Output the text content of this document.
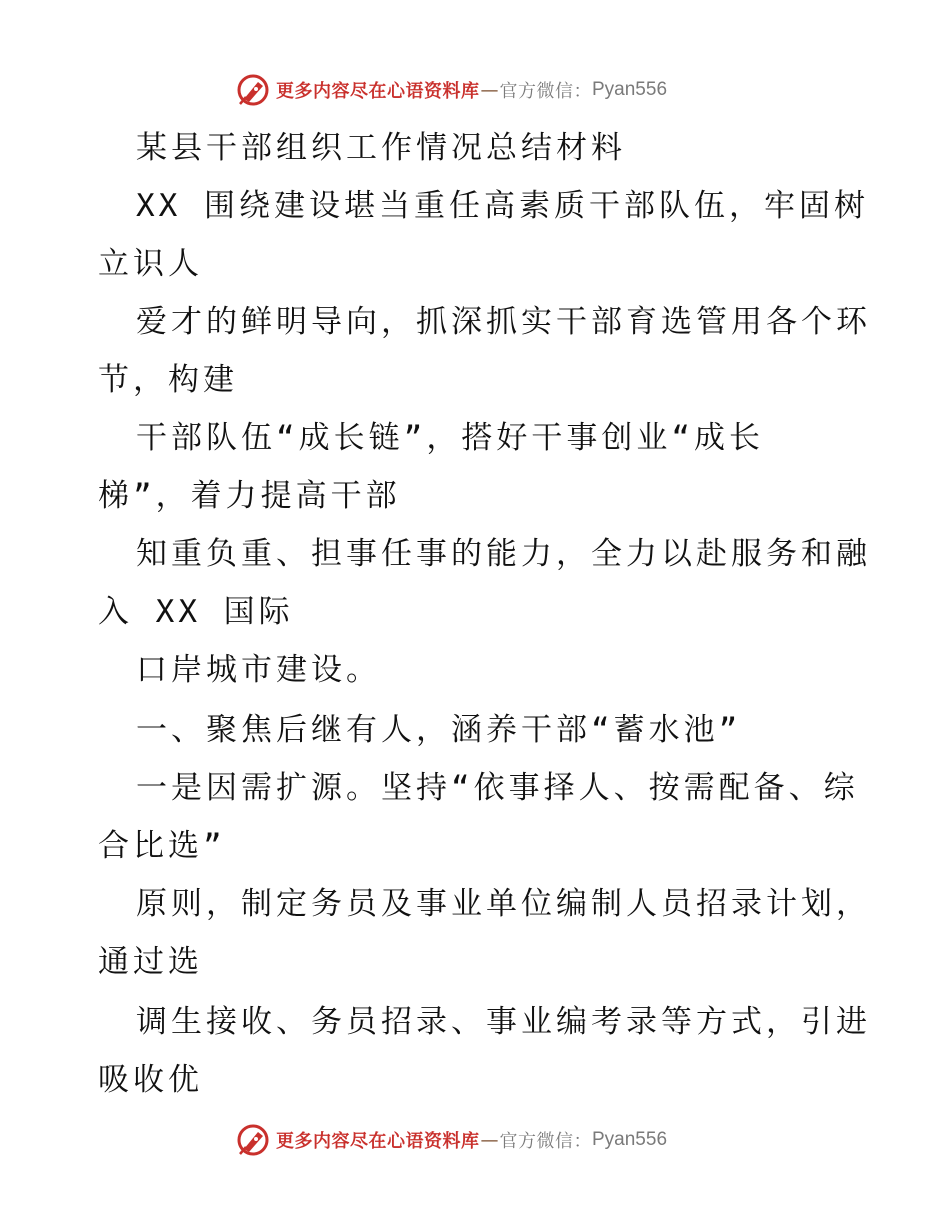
更多内容尽在心语资料库 — 官方微信： Pyan556

某县干部组织工作情况总结材料

XX 围绕建设堪当重任高素质干部队伍，牢固树

立识人

爱才的鲜明导向，抓深抓实干部育选管用各个环

节，构建

干部队伍“成长链”，搭好干事创业“成长

梯”，着力提高干部

知重负重、担事任事的能力，全力以赴服务和融

入 XX 国际

口岸城市建设。

一、聚焦后继有人，涵养干部“蓄水池”

一是因需扩源。坚持“依事择人、按需配备、综

合比选”

原则，制定务员及事业单位编制人员招录计划，

通过选

调生接收、务员招录、事业编考录等方式，引进

吸收优

更多内容尽在心语资料库 — 官方微信： Pyan556
